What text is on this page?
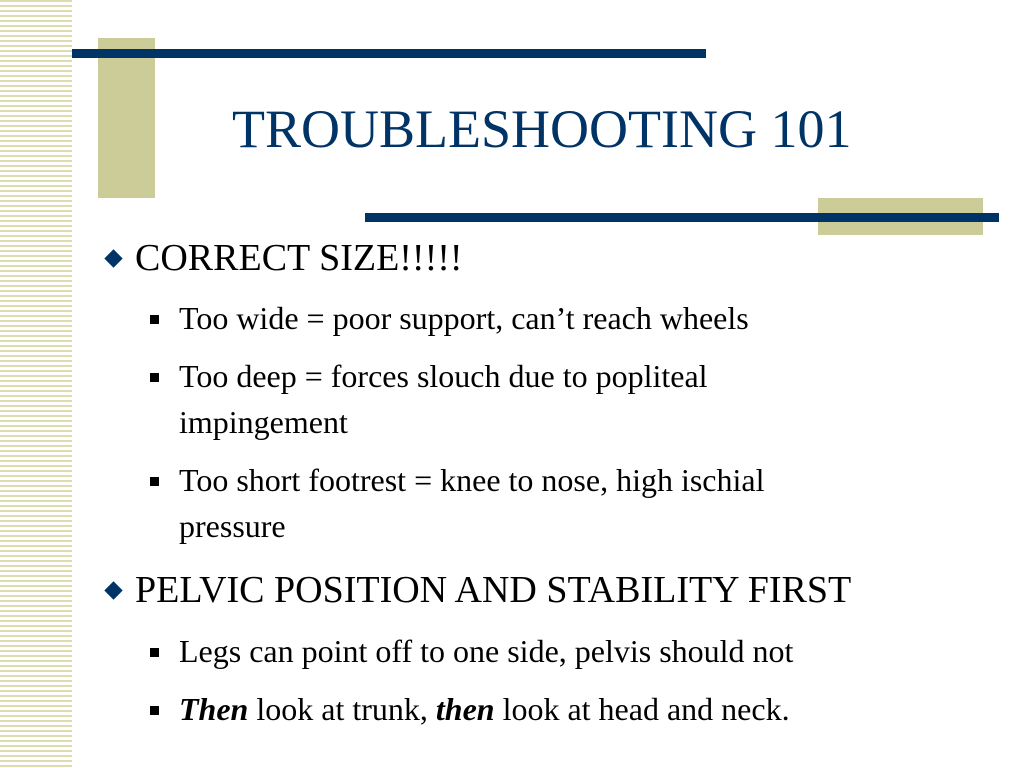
TROUBLESHOOTING 101
CORRECT SIZE!!!!!
Too wide = poor support, can’t reach wheels
Too deep = forces slouch due to popliteal
impingement
Too short footrest = knee to nose, high ischial
pressure
PELVIC POSITION AND STABILITY FIRST
Legs can point off to one side, pelvis should not
Then look at trunk, then look at head and neck.
